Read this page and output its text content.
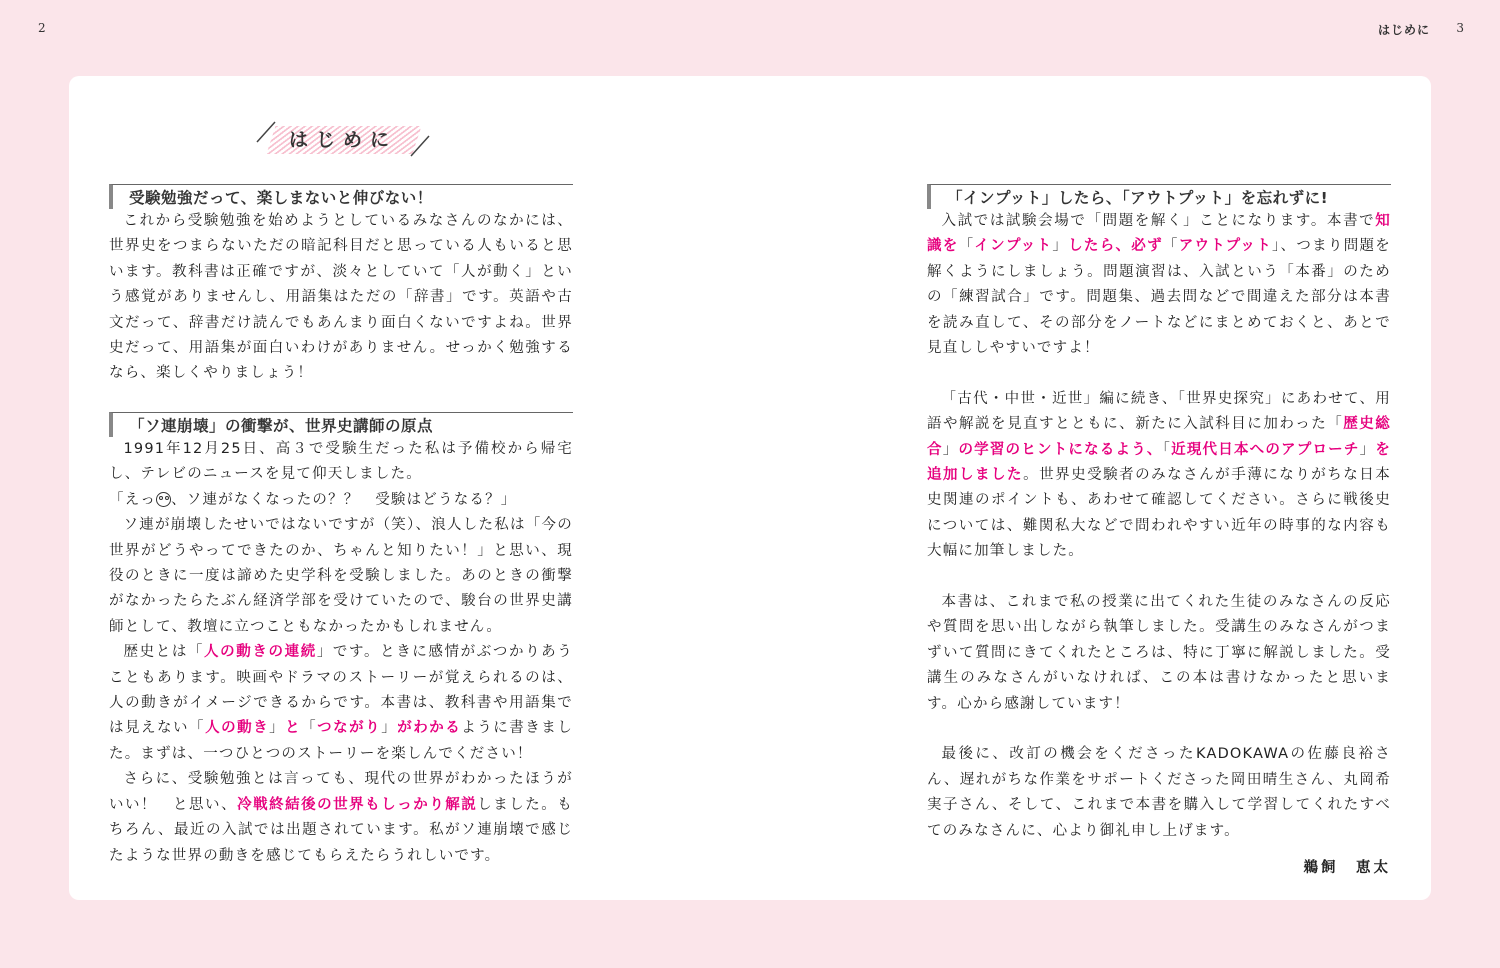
2	はじめに 3
はじめに
受験勉強だって、楽しまないと伸びない！

これから受験勉強を始めようとしているみなさんのなかには、世界史をつまらないただの暗記科目だと思っている人もいると思います。教科書は正確ですが、淡々としていて「人が動く」という感覚がありませんし、用語集はただの「辞書」です。英語や古文だって、辞書だけ読んでもあんまり面白くないですよね。世界史だって、用語集が面白いわけがありません。せっかく勉強するなら、楽しくやりましょう！

「ソ連崩壊」の衝撃が、世界史講師の原点

1991年12月25日、高３で受験生だった私は予備校から帰宅し、テレビのニュースを見て仰天しました。

「えっ 、ソ連がなくなったの？？　受験はどうなる？」

ソ連が崩壊したせいではないですが（笑）、浪人した私は「今の世界がどうやってできたのか、ちゃんと知りたい！」と思い、現役のときに一度は諦めた史学科を受験しました。あのときの衝撃がなかったらたぶん経済学部を受けていたので、駿台の世界史講師として、教壇に立つこともなかったかもしれません。

歴史とは「人の動きの連続」です。ときに感情がぶつかりあうこともあります。映画やドラマのストーリーが覚えられるのは、人の動きがイメージできるからです。本書は、教科書や用語集では見えない「人の動き」と「つながり」がわかるように書きました。まずは、一つひとつのストーリーを楽しんでください！

さらに、受験勉強とは言っても、現代の世界がわかったほうがいい！　と思い、冷戦終結後の世界もしっかり解説しました。もちろん、最近の入試では出題されています。私がソ連崩壊で感じたような世界の動きを感じてもらえたらうれしいです。

「インプット」したら、「アウトプット」を忘れずに!

入試では試験会場で「問題を解く」ことになります。本書で知識を「インプット」したら、必ず「アウトプット」、つまり問題を解くようにしましょう。問題演習は、入試という「本番」のための「練習試合」です。問題集、過去問などで間違えた部分は本書を読み直して、その部分をノートなどにまとめておくと、あとで見直ししやすいですよ！

「古代・中世・近世」編に続き、「世界史探究」にあわせて、用語や解説を見直すとともに、新たに入試科目に加わった「歴史総合」の学習のヒントになるよう、「近現代日本へのアプローチ」を追加しました。世界史受験者のみなさんが手薄になりがちな日本史関連のポイントも、あわせて確認してください。さらに戦後史については、難関私大などで問われやすい近年の時事的な内容も大幅に加筆しました。

本書は、これまで私の授業に出てくれた生徒のみなさんの反応や質問を思い出しながら執筆しました。受講生のみなさんがつまずいて質問にきてくれたところは、特に丁寧に解説しました。受講生のみなさんがいなければ、この本は書けなかったと思います。心から感謝しています！

最後に、改訂の機会をくださったKADOKAWAの佐藤良裕さん、遅れがちな作業をサポートくださった岡田晴生さん、丸岡希実子さん、そして、これまで本書を購入して学習してくれたすべてのみなさんに、心より御礼申し上げます。

鵜飼　恵太
